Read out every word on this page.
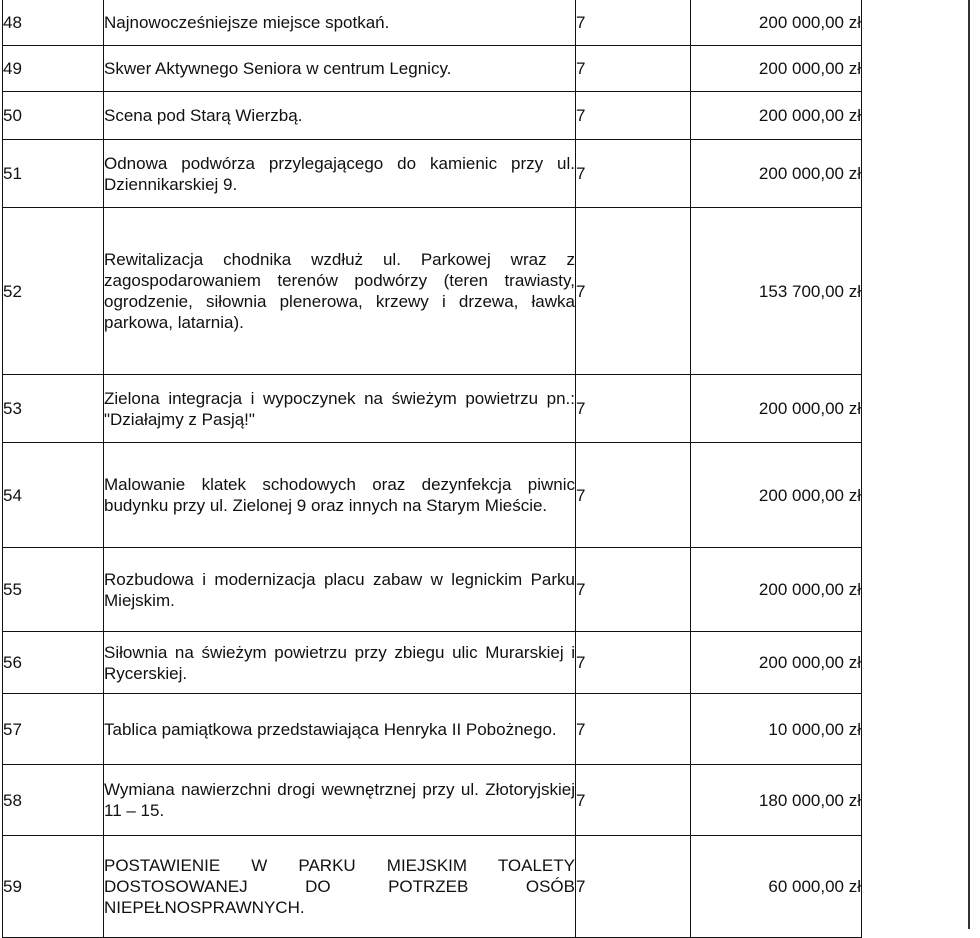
48	Najnowocześniejsze miejsce spotkań.	7	200 000,00 zł
49	Skwer Aktywnego Seniora w centrum Legnicy.	7	200 000,00 zł
50	Scena pod Starą Wierzbą.	7	200 000,00 zł
51	Odnowa podwórza przylegającego do kamienic przy ul. Dziennikarskiej 9.	7	200 000,00 zł
52	Rewitalizacja chodnika wzdłuż ul. Parkowej wraz z zagospodarowaniem terenów podwórzy (teren trawiasty, ogrodzenie, siłownia plenerowa, krzewy i drzewa, ławka parkowa, latarnia).	7	153 700,00 zł
53	Zielona integracja i wypoczynek na świeżym powietrzu pn.: "Działajmy z Pasją!"	7	200 000,00 zł
54	Malowanie klatek schodowych oraz dezynfekcja piwnic budynku przy ul. Zielonej 9 oraz innych na Starym Mieście.	7	200 000,00 zł
55	Rozbudowa i modernizacja placu zabaw w legnickim Parku Miejskim.	7	200 000,00 zł
56	Siłownia na świeżym powietrzu przy zbiegu ulic Murarskiej i Rycerskiej.	7	200 000,00 zł
57	Tablica pamiątkowa przedstawiająca Henryka II Pobożnego.	7	10 000,00 zł
58	Wymiana nawierzchni drogi wewnętrznej przy ul. Złotoryjskiej 11 – 15.	7	180 000,00 zł
59	POSTAWIENIE W PARKU MIEJSKIM TOALETY DOSTOSOWANEJ DO POTRZEB OSÓB NIEPEŁNOSPRAWNYCH.	7	60 000,00 zł
